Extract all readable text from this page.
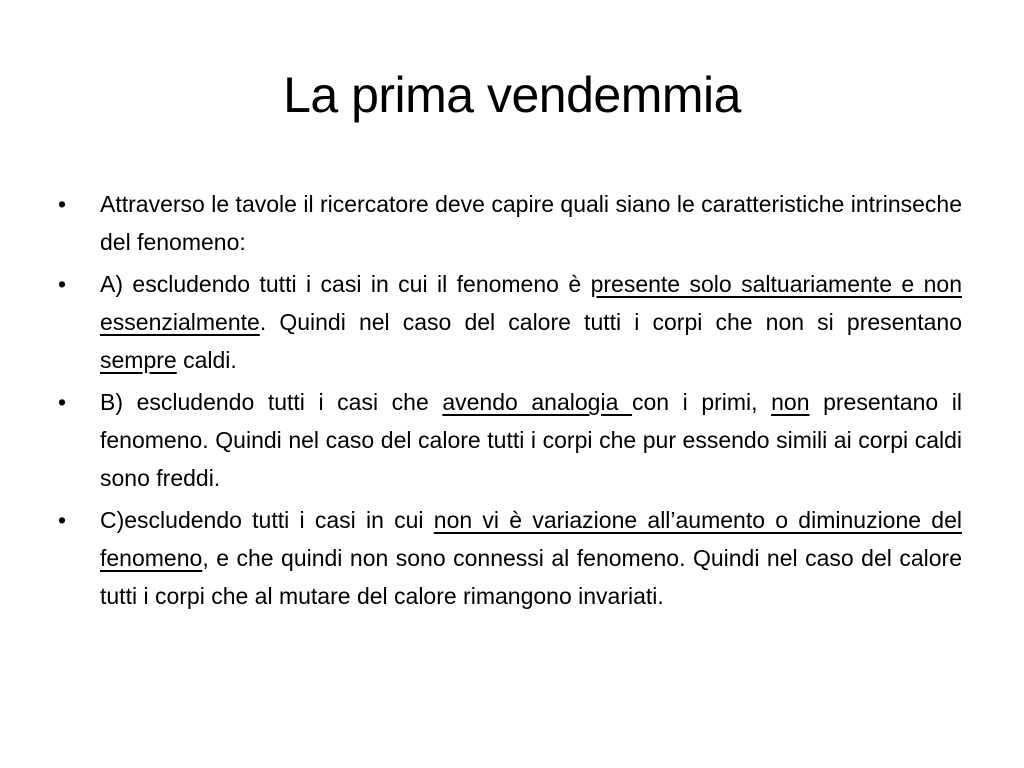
La prima vendemmia
•	Attraverso le tavole il ricercatore deve capire quali siano le caratteristiche intrinseche del fenomeno:
•	A) escludendo tutti i casi in cui il fenomeno è presente solo saltuariamente e non essenzialmente. Quindi nel caso del calore tutti i corpi che non si presentano sempre caldi.
•	B) escludendo tutti i casi che avendo analogia con i primi, non presentano il fenomeno. Quindi nel caso del calore tutti i corpi che pur essendo simili ai corpi caldi sono freddi.
•	C)escludendo tutti i casi in cui non vi è variazione all’aumento o diminuzione del fenomeno, e che quindi non sono connessi al fenomeno. Quindi nel caso del calore tutti i corpi che al mutare del calore rimangono invariati.
